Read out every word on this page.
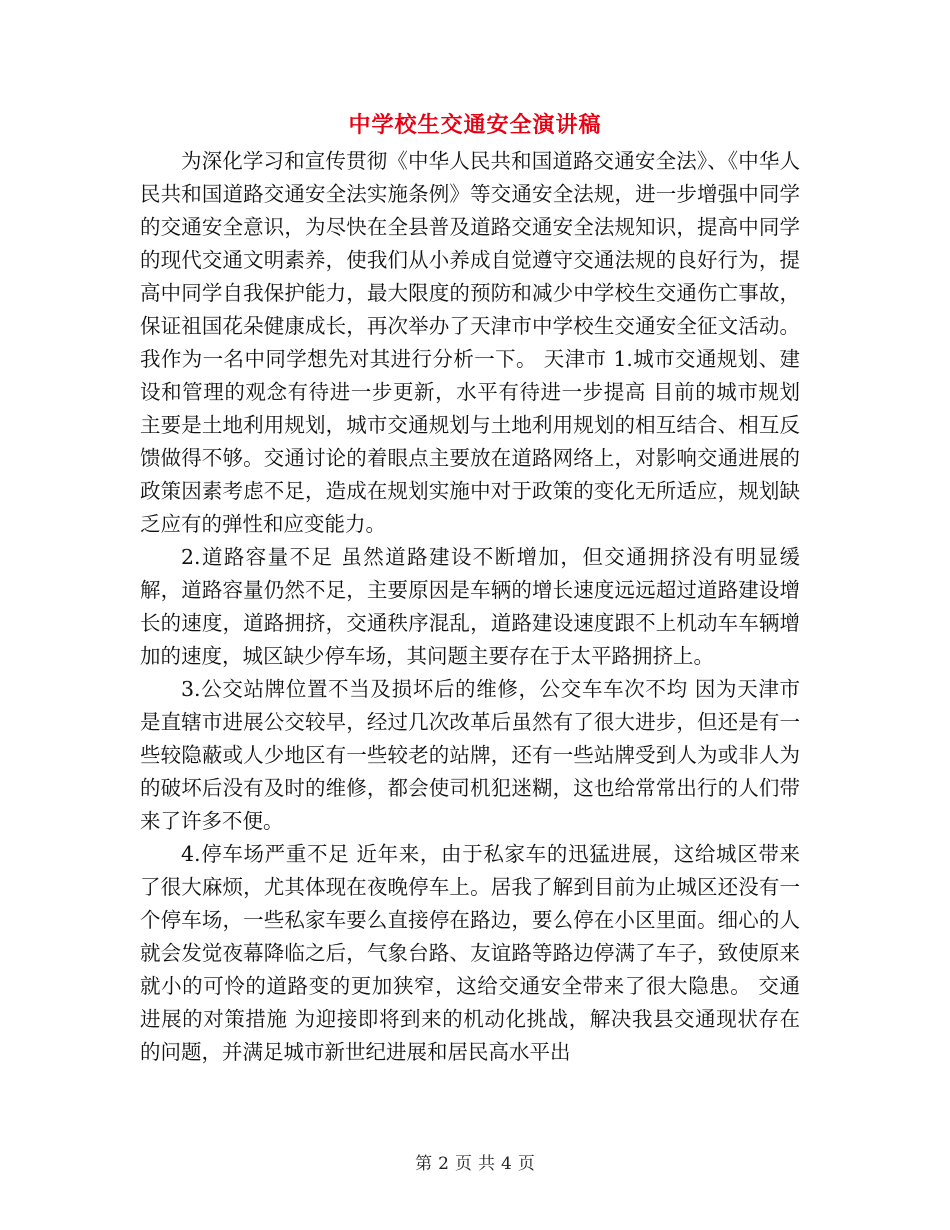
中学校生交通安全演讲稿

为深化学习和宣传贯彻《中华人民共和国道路交通安全法》、《中华人民共和国道路交通安全法实施条例》等交通安全法规，进一步增强中同学的交通安全意识，为尽快在全县普及道路交通安全法规知识，提高中同学的现代交通文明素养，使我们从小养成自觉遵守交通法规的良好行为，提高中同学自我保护能力，最大限度的预防和减少中学校生交通伤亡事故，保证祖国花朵健康成长，再次举办了天津市中学校生交通安全征文活动。 我作为一名中同学想先对其进行分析一下。 天津市 1.城市交通规划、建设和管理的观念有待进一步更新，水平有待进一步提高 目前的城市规划主要是土地利用规划，城市交通规划与土地利用规划的相互结合、相互反馈做得不够。交通讨论的着眼点主要放在道路网络上，对影响交通进展的政策因素考虑不足，造成在规划实施中对于政策的变化无所适应，规划缺乏应有的弹性和应变能力。

2.道路容量不足 虽然道路建设不断增加，但交通拥挤没有明显缓解，道路容量仍然不足，主要原因是车辆的增长速度远远超过道路建设增长的速度，道路拥挤，交通秩序混乱，道路建设速度跟不上机动车车辆增加的速度，城区缺少停车场，其问题主要存在于太平路拥挤上。

3.公交站牌位置不当及损坏后的维修，公交车车次不均 因为天津市是直辖市进展公交较早，经过几次改革后虽然有了很大进步，但还是有一些较隐蔽或人少地区有一些较老的站牌，还有一些站牌受到人为或非人为的破坏后没有及时的维修，都会使司机犯迷糊，这也给常常出行的人们带来了许多不便。

4.停车场严重不足 近年来，由于私家车的迅猛进展，这给城区带来了很大麻烦，尤其体现在夜晚停车上。居我了解到目前为止城区还没有一个停车场，一些私家车要么直接停在路边，要么停在小区里面。细心的人就会发觉夜幕降临之后，气象台路、友谊路等路边停满了车子，致使原来就小的可怜的道路变的更加狭窄，这给交通安全带来了很大隐患。 交通进展的对策措施 为迎接即将到来的机动化挑战，解决我县交通现状存在的问题，并满足城市新世纪进展和居民高水平出

第 2 页 共 4 页
